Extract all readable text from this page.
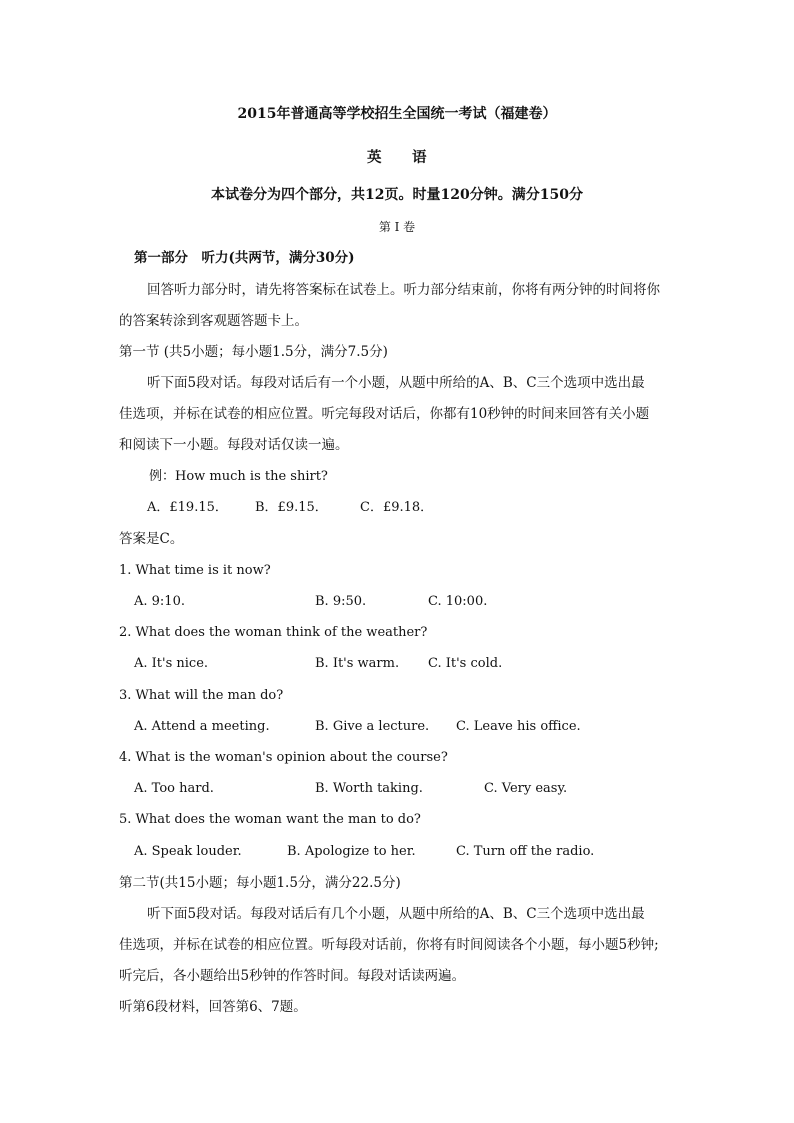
2015年普通高等学校招生全国统一考试（福建卷）
英　　语
本试卷分为四个部分，共12页。时量120分钟。满分150分
第 Ⅰ 卷
第一部分　听力(共两节，满分30分)
回答听力部分时，请先将答案标在试卷上。听力部分结束前，你将有两分钟的时间将你
的答案转涂到客观题答题卡上。
第一节 (共5小题；每小题1.5分，满分7.5分)
听下面5段对话。每段对话后有一个小题，从题中所给的A、B、C三个选项中选出最
佳选项，并标在试卷的相应位置。听完每段对话后，你都有10秒钟的时间来回答有关小题
和阅读下一小题。每段对话仅读一遍。
例：How much is the shirt?
A．£19.15． B．£9.15． C．£9.18．
答案是C。
1. What time is it now?
A. 9:10.	B. 9:50.	C. 10:00.
2. What does the woman think of the weather?
A. It's nice.	B. It's warm. C. It's cold.
3. What will the man do?
A. Attend a meeting.	B. Give a lecture. C. Leave his office.
4. What is the woman's opinion about the course?
A. Too hard.	B. Worth taking.	C. Very easy.
5. What does the woman want the man to do?
A. Speak louder.	B. Apologize to her.	C. Turn off the radio.
第二节(共15小题；每小题1.5分，满分22.5分)
听下面5段对话。每段对话后有几个小题，从题中所给的A、B、C三个选项中选出最
佳选项，并标在试卷的相应位置。听每段对话前，你将有时间阅读各个小题，每小题5秒钟;
听完后，各小题给出5秒钟的作答时间。每段对话读两遍。
听第6段材料，回答第6、7题。
